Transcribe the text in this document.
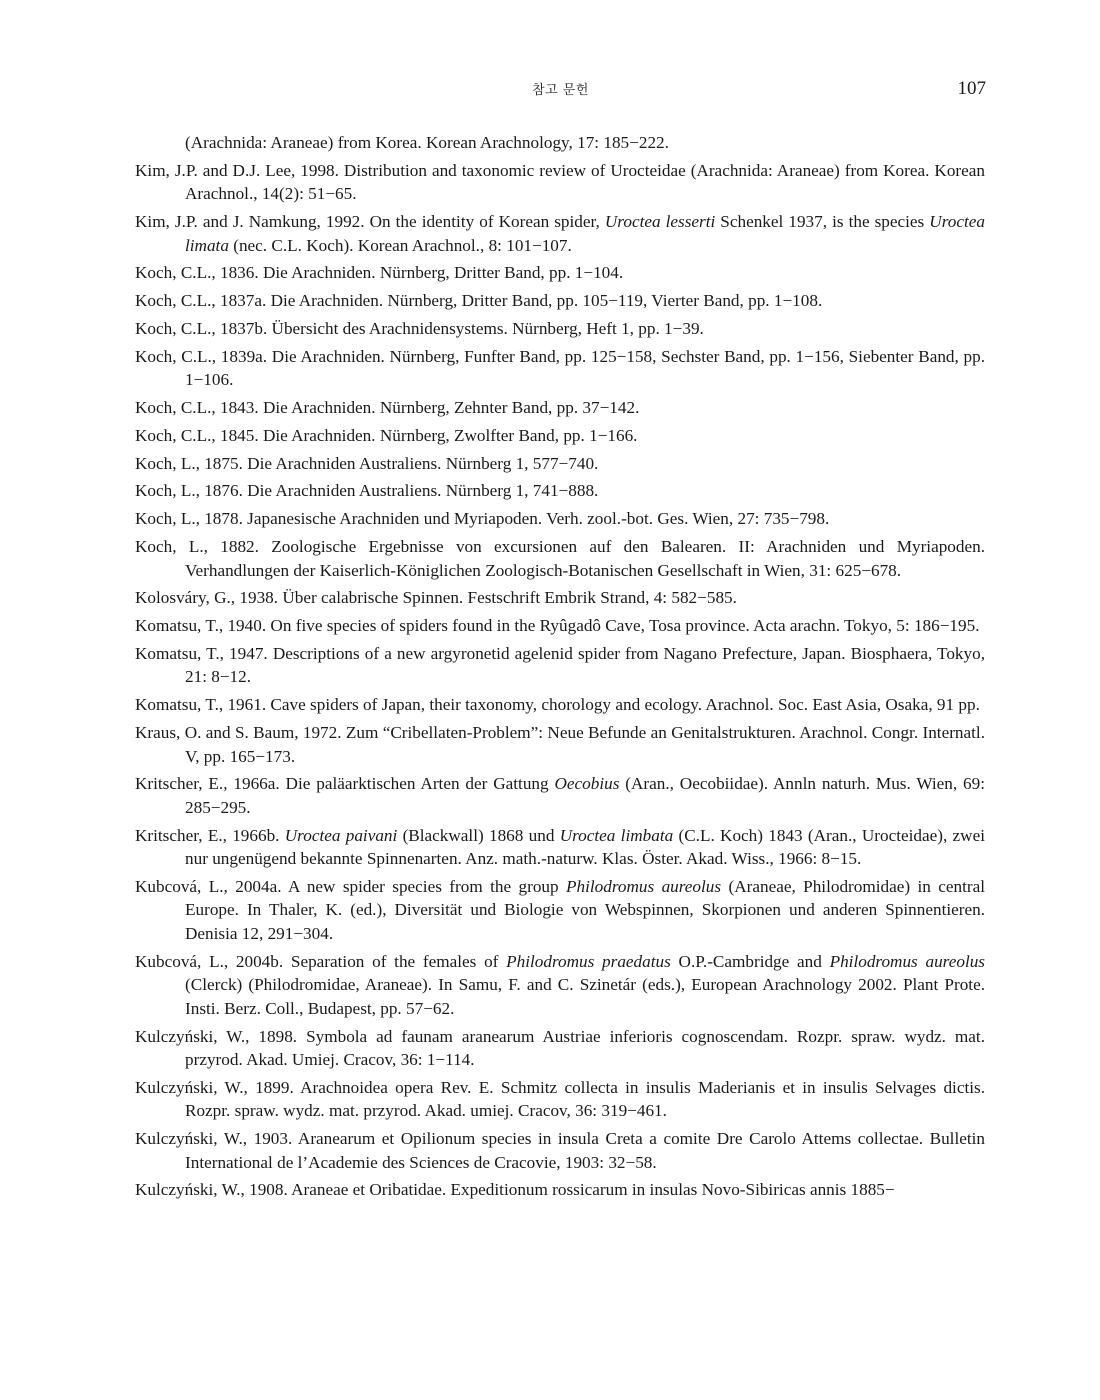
참고 문헌	107
(Arachnida: Araneae) from Korea. Korean Arachnology, 17: 185−222.
Kim, J.P. and D.J. Lee, 1998. Distribution and taxonomic review of Urocteidae (Arachnida: Araneae) from Korea. Korean Arachnol., 14(2): 51−65.
Kim, J.P. and J. Namkung, 1992. On the identity of Korean spider, Uroctea lesserti Schenkel 1937, is the species Uroctea limata (nec. C.L. Koch). Korean Arachnol., 8: 101−107.
Koch, C.L., 1836. Die Arachniden. Nürnberg, Dritter Band, pp. 1−104.
Koch, C.L., 1837a. Die Arachniden. Nürnberg, Dritter Band, pp. 105−119, Vierter Band, pp. 1−108.
Koch, C.L., 1837b. Übersicht des Arachnidensystems. Nürnberg, Heft 1, pp. 1−39.
Koch, C.L., 1839a. Die Arachniden. Nürnberg, Funfter Band, pp. 125−158, Sechster Band, pp. 1−156, Siebenter Band, pp. 1−106.
Koch, C.L., 1843. Die Arachniden. Nürnberg, Zehnter Band, pp. 37−142.
Koch, C.L., 1845. Die Arachniden. Nürnberg, Zwolfter Band, pp. 1−166.
Koch, L., 1875. Die Arachniden Australiens. Nürnberg 1, 577−740.
Koch, L., 1876. Die Arachniden Australiens. Nürnberg 1, 741−888.
Koch, L., 1878. Japanesische Arachniden und Myriapoden. Verh. zool.-bot. Ges. Wien, 27: 735−798.
Koch, L., 1882. Zoologische Ergebnisse von excursionen auf den Balearen. II: Arachniden und Myriapoden. Verhandlungen der Kaiserlich-Königlichen Zoologisch-Botanischen Gesellschaft in Wien, 31: 625−678.
Kolosváry, G., 1938. Über calabrische Spinnen. Festschrift Embrik Strand, 4: 582−585.
Komatsu, T., 1940. On five species of spiders found in the Ryûgadô Cave, Tosa province. Acta arachn. Tokyo, 5: 186−195.
Komatsu, T., 1947. Descriptions of a new argyronetid agelenid spider from Nagano Prefecture, Japan. Biosphaera, Tokyo, 21: 8−12.
Komatsu, T., 1961. Cave spiders of Japan, their taxonomy, chorology and ecology. Arachnol. Soc. East Asia, Osaka, 91 pp.
Kraus, O. and S. Baum, 1972. Zum “Cribellaten-Problem”: Neue Befunde an Genitalstrukturen. Arachnol. Congr. Internatl. V, pp. 165−173.
Kritscher, E., 1966a. Die paläarktischen Arten der Gattung Oecobius (Aran., Oecobiidae). Annln naturh. Mus. Wien, 69: 285−295.
Kritscher, E., 1966b. Uroctea paivani (Blackwall) 1868 und Uroctea limbata (C.L. Koch) 1843 (Aran., Urocteidae), zwei nur ungenügend bekannte Spinnenarten. Anz. math.-naturw. Klas. Öster. Akad. Wiss., 1966: 8−15.
Kubcová, L., 2004a. A new spider species from the group Philodromus aureolus (Araneae, Philodromidae) in central Europe. In Thaler, K. (ed.), Diversität und Biologie von Webspinnen, Skorpionen und anderen Spinnentieren. Denisia 12, 291−304.
Kubcová, L., 2004b. Separation of the females of Philodromus praedatus O.P.-Cambridge and Philodromus aureolus (Clerck) (Philodromidae, Araneae). In Samu, F. and C. Szinetár (eds.), European Arachnology 2002. Plant Prote. Insti. Berz. Coll., Budapest, pp. 57−62.
Kulczyński, W., 1898. Symbola ad faunam aranearum Austriae inferioris cognoscendam. Rozpr. spraw. wydz. mat. przyrod. Akad. Umiej. Cracov, 36: 1−114.
Kulczyński, W., 1899. Arachnoidea opera Rev. E. Schmitz collecta in insulis Maderianis et in insulis Selvages dictis. Rozpr. spraw. wydz. mat. przyrod. Akad. umiej. Cracov, 36: 319−461.
Kulczyński, W., 1903. Aranearum et Opilionum species in insula Creta a comite Dre Carolo Attems collectae. Bulletin International de l’Academie des Sciences de Cracovie, 1903: 32−58.
Kulczyński, W., 1908. Araneae et Oribatidae. Expeditionum rossicarum in insulas Novo-Sibiricas annis 1885−
